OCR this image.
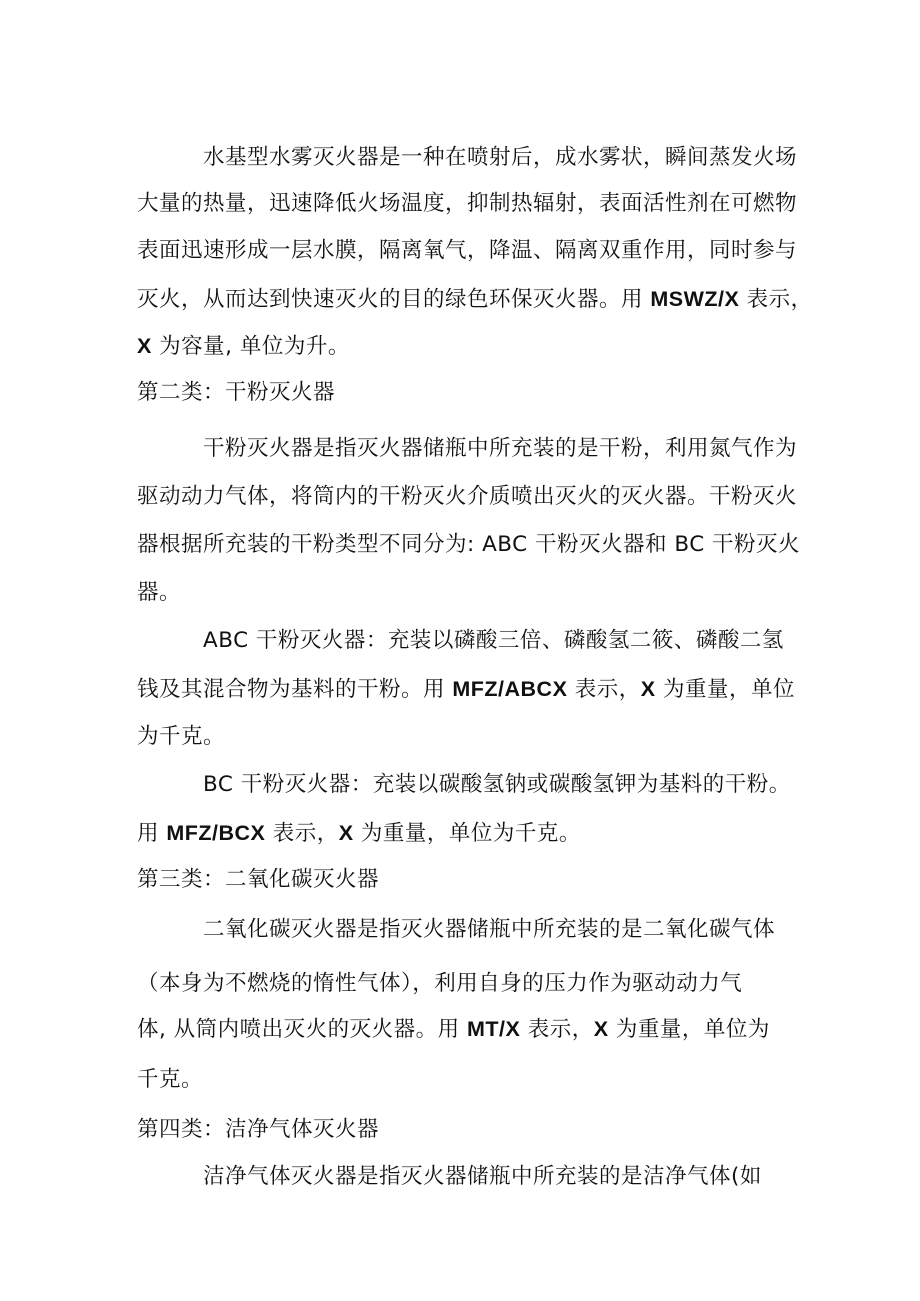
水基型水雾灭火器是一种在喷射后，成水雾状，瞬间蒸发火场

大量的热量，迅速降低火场温度，抑制热辐射，表面活性剂在可燃物

表面迅速形成一层水膜，隔离氧气，降温、隔离双重作用，同时参与

灭火，从而达到快速灭火的目的绿色环保灭火器。用 MSWZ/X 表示，

X 为容量, 单位为升。

第二类：干粉灭火器

干粉灭火器是指灭火器储瓶中所充装的是干粉，利用氮气作为

驱动动力气体，将筒内的干粉灭火介质喷出灭火的灭火器。干粉灭火

器根据所充装的干粉类型不同分为: ABC 干粉灭火器和 BC 干粉灭火

器。

ABC 干粉灭火器：充装以磷酸三倍、磷酸氢二筱、磷酸二氢

钱及其混合物为基料的干粉。用 MFZ/ABCX 表示，X 为重量，单位

为千克。

BC 干粉灭火器：充装以碳酸氢钠或碳酸氢钾为基料的干粉。

用 MFZ/BCX 表示，X 为重量，单位为千克。

第三类：二氧化碳灭火器

二氧化碳灭火器是指灭火器储瓶中所充装的是二氧化碳气体

（本身为不燃烧的惰性气体），利用自身的压力作为驱动动力气

体, 从筒内喷出灭火的灭火器。用 MT/X 表示，X 为重量，单位为

千克。

第四类：洁净气体灭火器

洁净气体灭火器是指灭火器储瓶中所充装的是洁净气体(如
